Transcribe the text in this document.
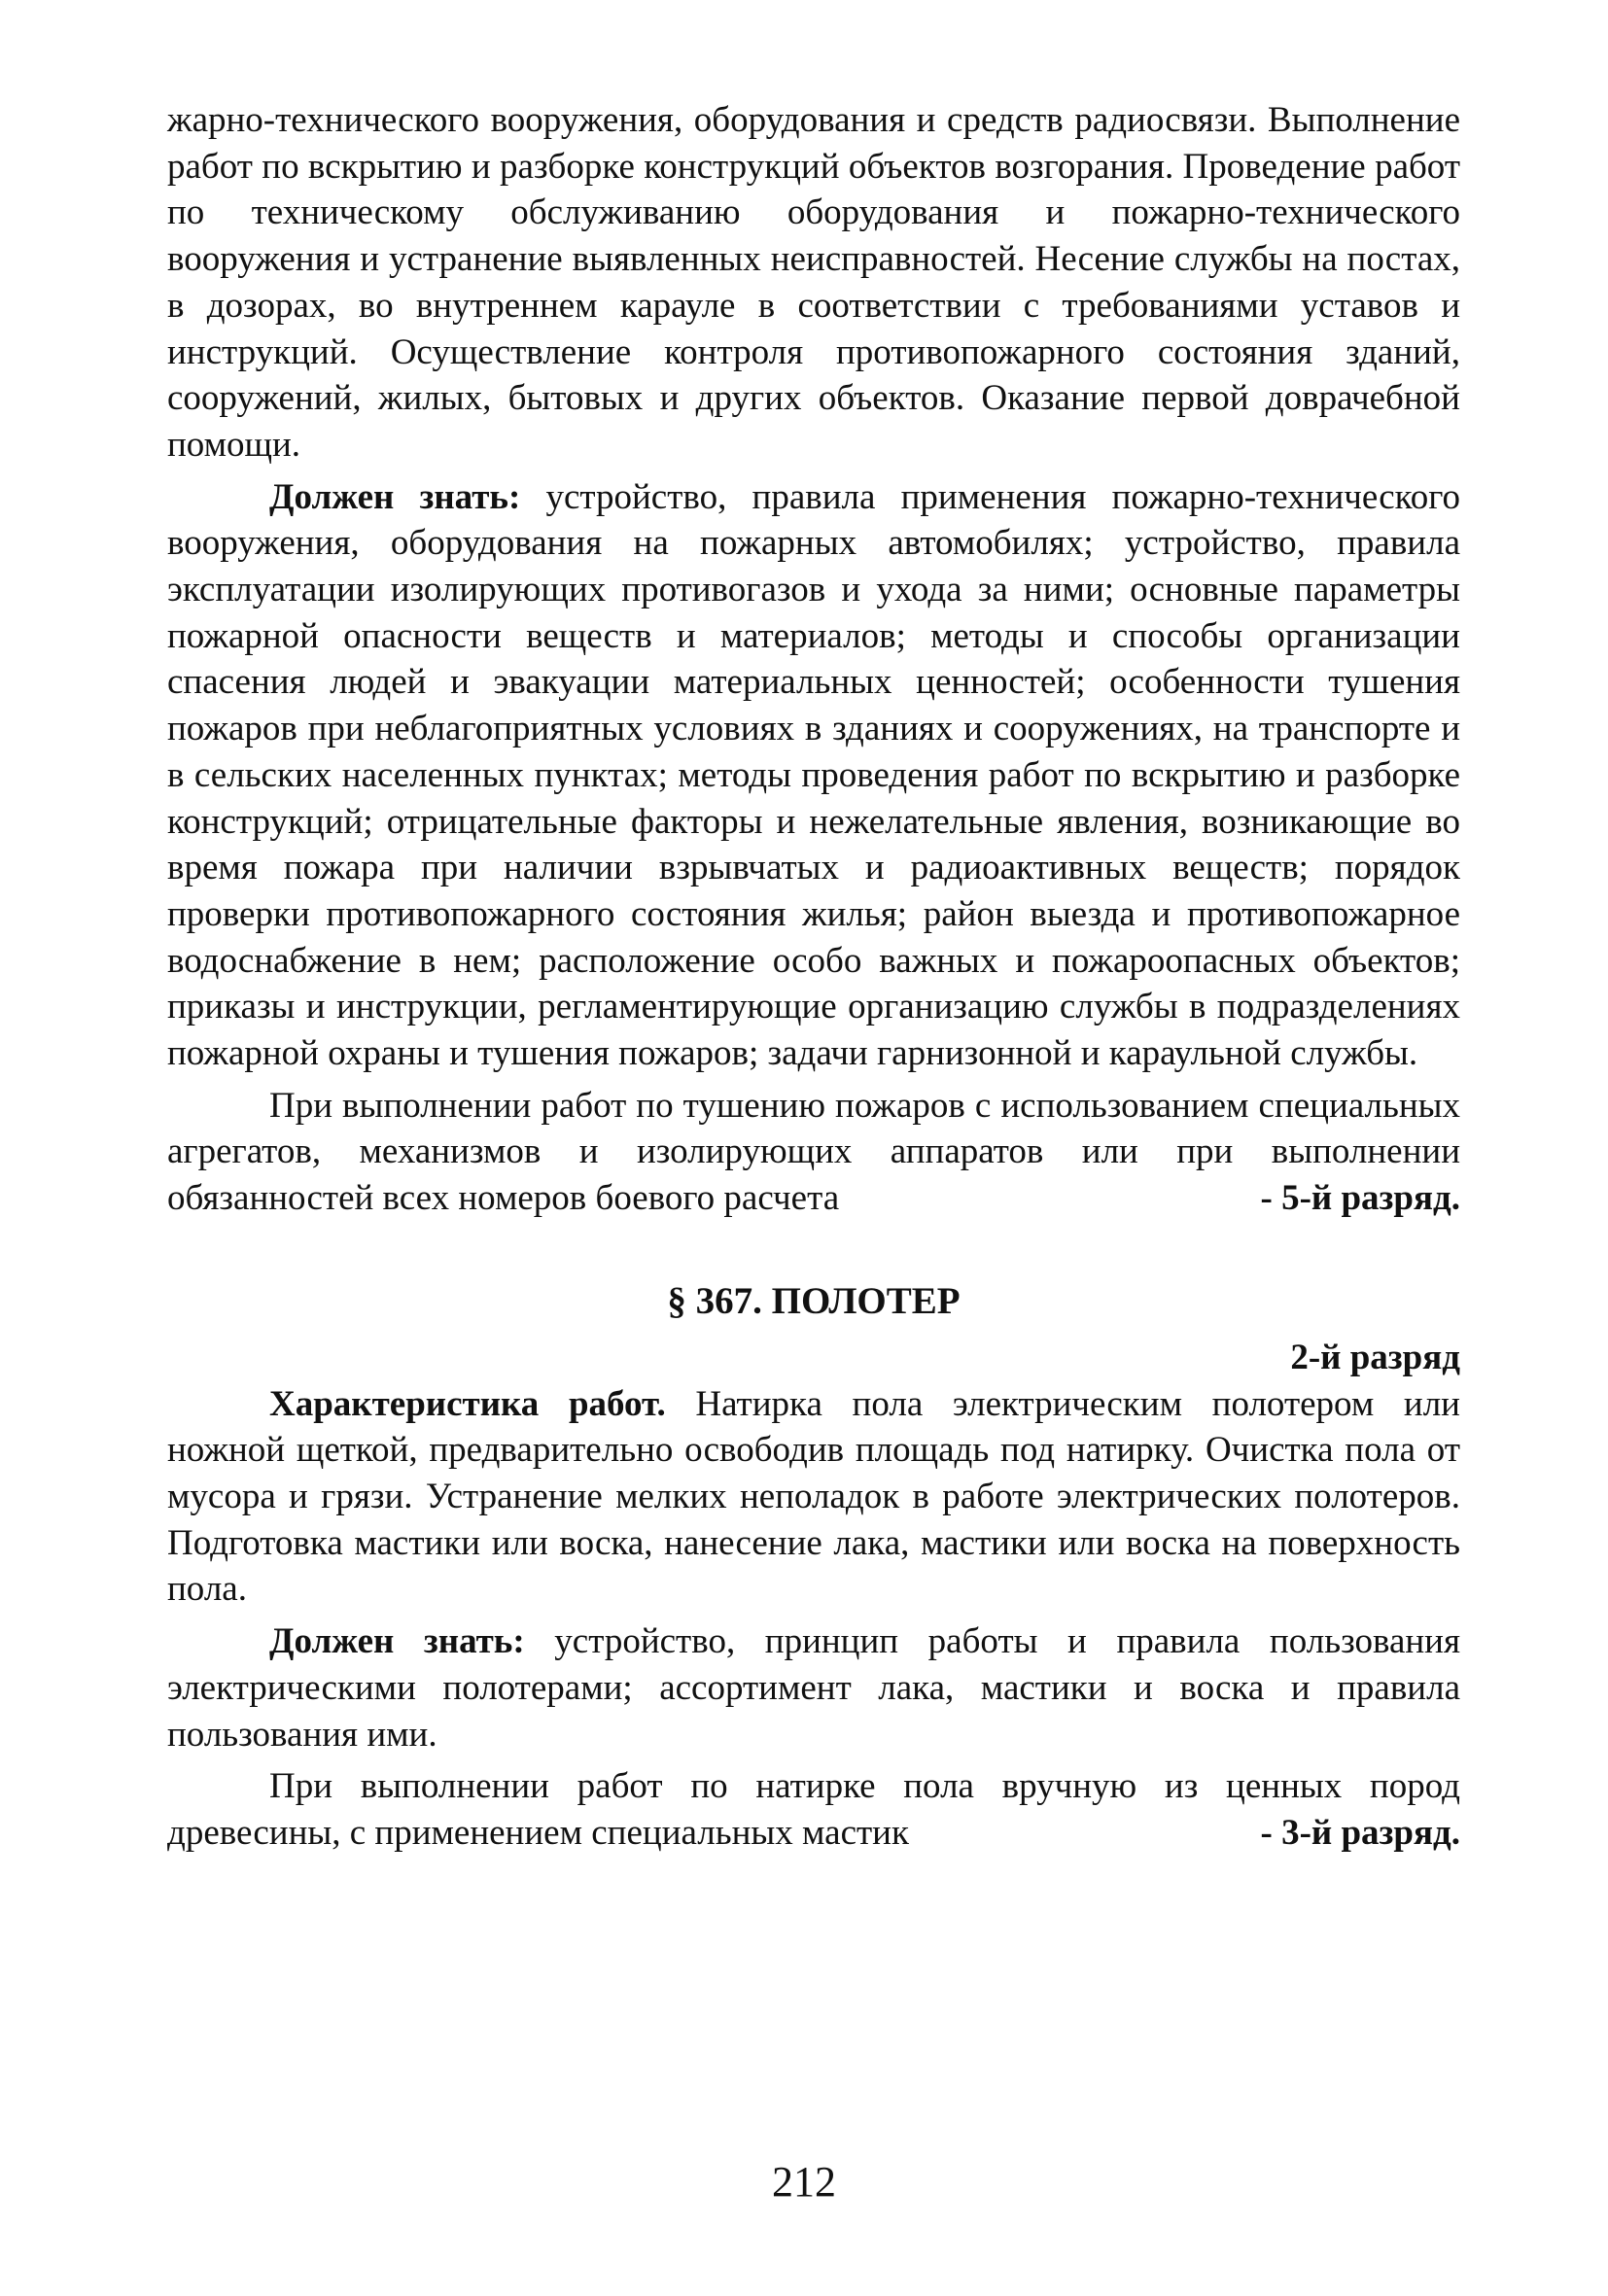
жарно-технического вооружения, оборудования и средств радиосвязи. Выполнение работ по вскрытию и разборке конструкций объектов возгорания. Проведение работ по техническому обслуживанию оборудования и пожарно-технического вооружения и устранение выявленных неисправностей. Несение службы на постах, в дозорах, во внутреннем карауле в соответствии с требованиями уставов и инструкций. Осуществление контроля противопожарного состояния зданий, сооружений, жилых, бытовых и других объектов. Оказание первой доврачебной помощи.

Должен знать: устройство, правила применения пожарно-технического вооружения, оборудования на пожарных автомобилях; устройство, правила эксплуатации изолирующих противогазов и ухода за ними; основные параметры пожарной опасности веществ и материалов; методы и способы организации спасения людей и эвакуации материальных ценностей; особенности тушения пожаров при неблагоприятных условиях в зданиях и сооружениях, на транспорте и в сельских населенных пунктах; методы проведения работ по вскрытию и разборке конструкций; отрицательные факторы и нежелательные явления, возникающие во время пожара при наличии взрывчатых и радиоактивных веществ; порядок проверки противопожарного состояния жилья; район выезда и противопожарное водоснабжение в нем; расположение особо важных и пожароопасных объектов; приказы и инструкции, регламентирующие организацию службы в подразделениях пожарной охраны и тушения пожаров; задачи гарнизонной и караульной службы.

При выполнении работ по тушению пожаров с использованием специальных агрегатов, механизмов и изолирующих аппаратов или при выполнении обязанностей всех номеров боевого расчета	- 5-й разряд.

§ 367. ПОЛОТЕР
2-й разряд

Характеристика работ. Натирка пола электрическим полотером или ножной щеткой, предварительно освободив площадь под натирку. Очистка пола от мусора и грязи. Устранение мелких неполадок в работе электрических полотеров. Подготовка мастики или воска, нанесение лака, мастики или воска на поверхность пола.

Должен знать: устройство, принцип работы и правила пользования электрическими полотерами; ассортимент лака, мастики и воска и правила пользования ими.

При выполнении работ по натирке пола вручную из ценных пород древесины, с применением специальных мастик	- 3-й разряд.

212
